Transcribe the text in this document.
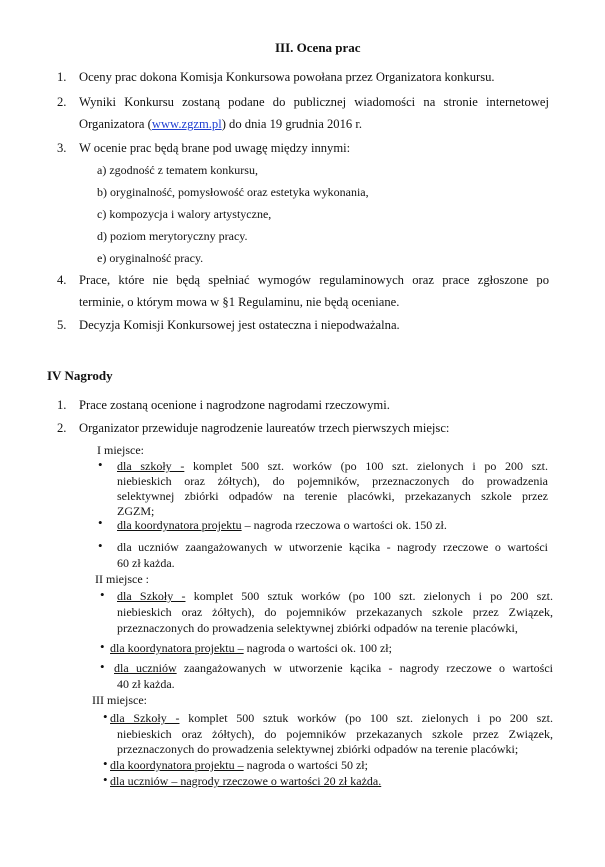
III. Ocena prac
1. Oceny prac dokona Komisja Konkursowa powołana przez Organizatora konkursu.
2. Wyniki Konkursu zostaną podane do publicznej wiadomości na stronie internetowej
Organizatora (www.zgzm.pl) do dnia 19 grudnia 2016 r.
3. W ocenie prac będą brane pod uwagę między innymi:
a) zgodność z tematem konkursu,
b) oryginalność, pomysłowość oraz estetyka wykonania,
c) kompozycja i walory artystyczne,
d) poziom merytoryczny pracy.
e) oryginalność pracy.
4. Prace, które nie będą spełniać wymogów regulaminowych oraz prace zgłoszone po
terminie, o którym mowa w §1 Regulaminu, nie będą oceniane.
5. Decyzja Komisji Konkursowej jest ostateczna i niepodważalna.
IV Nagrody
1. Prace zostaną ocenione i nagrodzone nagrodami rzeczowymi.
2. Organizator przewiduje nagrodzenie laureatów trzech pierwszych miejsc:
I miejsce:
• dla szkoły - komplet 500 szt. worków (po 100 szt. zielonych i po 200 szt.
niebieskich oraz żółtych), do pojemników, przeznaczonych do prowadzenia
selektywnej zbiórki odpadów na terenie placówki, przekazanych szkole przez
ZGZM;
• dla koordynatora projektu – nagroda rzeczowa o wartości ok. 150 zł.
• dla uczniów zaangażowanych w utworzenie kącika - nagrody rzeczowe o wartości
60 zł każda.
II miejsce :
• dla Szkoły - komplet 500 sztuk worków (po 100 szt. zielonych i po 200 szt.
niebieskich oraz żółtych), do pojemników przekazanych szkole przez Związek,
przeznaczonych do prowadzenia selektywnej zbiórki odpadów na terenie placówki,
• dla koordynatora projektu – nagroda o wartości ok. 100 zł;
• dla uczniów zaangażowanych w utworzenie kącika - nagrody rzeczowe o wartości
40 zł każda.
III miejsce:
• dla Szkoły - komplet 500 sztuk worków (po 100 szt. zielonych i po 200 szt.
niebieskich oraz żółtych), do pojemników przekazanych szkole przez Związek,
przeznaczonych do prowadzenia selektywnej zbiórki odpadów na terenie placówki;
• dla koordynatora projektu – nagroda o wartości 50 zł;
• dla uczniów – nagrody rzeczowe o wartości 20 zł każda.
